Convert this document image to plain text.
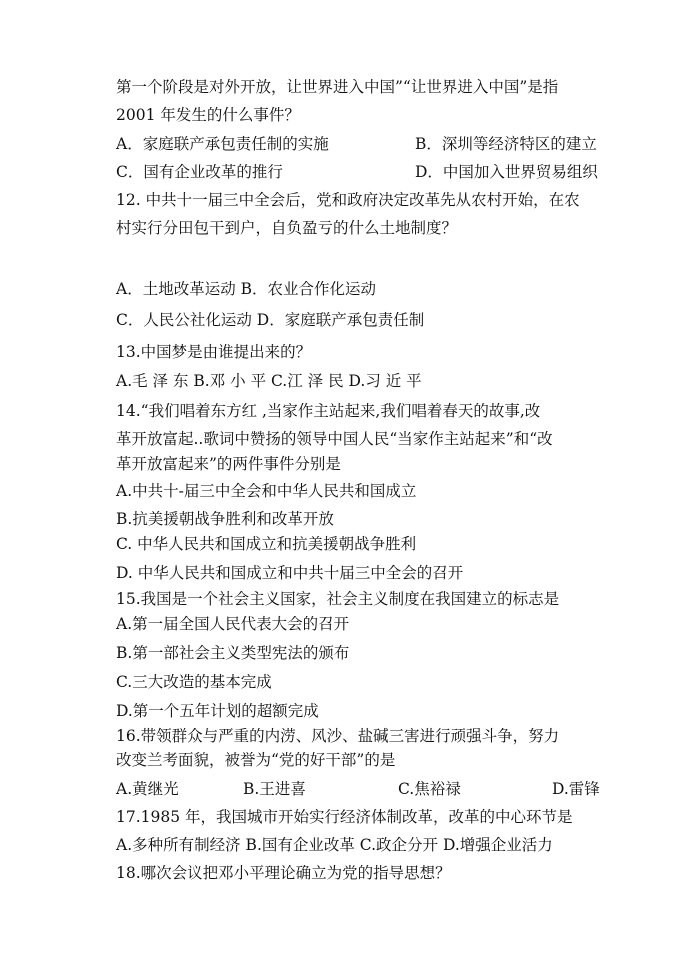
第一个阶段是对外开放，让世界进入中国”“让世界进入中国”是指
2001 年发生的什么事件？
A．家庭联产承包责任制的实施	B．深圳等经济特区的建立
C．国有企业改革的推行	D．中国加入世界贸易组织
12. 中共十一届三中全会后，党和政府决定改革先从农村开始，在农
村实行分田包干到户，自负盈亏的什么土地制度？
A．土地改革运动 B．农业合作化运动
C．人民公社化运动 D．家庭联产承包责任制
13.中国梦是由谁提出来的？
A.毛 泽 东 B.邓 小 平 C.江 泽 民 D.习 近 平
14.“我们唱着东方红 ,当家作主站起来,我们唱着春天的故事,改
革开放富起..歌词中赞扬的领导中国人民“当家作主站起来”和“改
革开放富起来”的两件事件分别是
A.中共十-届三中全会和中华人民共和国成立
B.抗美援朝战争胜利和改革开放
C. 中华人民共和国成立和抗美援朝战争胜利
D. 中华人民共和国成立和中共十届三中全会的召开
15.我国是一个社会主义国家，社会主义制度在我国建立的标志是
A.第一届全国人民代表大会的召开
B.第一部社会主义类型宪法的颁布
C.三大改造的基本完成
D.第一个五年计划的超额完成
16.带领群众与严重的内涝、风沙、盐碱三害进行顽强斗争，努力
改变兰考面貌，被誉为“党的好干部”的是
A.黄继光	B.王进喜	C.焦裕禄	D.雷锋
17.1985 年，我国城市开始实行经济体制改革，改革的中心环节是
A.多种所有制经济 B.国有企业改革 C.政企分开 D.增强企业活力
18.哪次会议把邓小平理论确立为党的指导思想？
